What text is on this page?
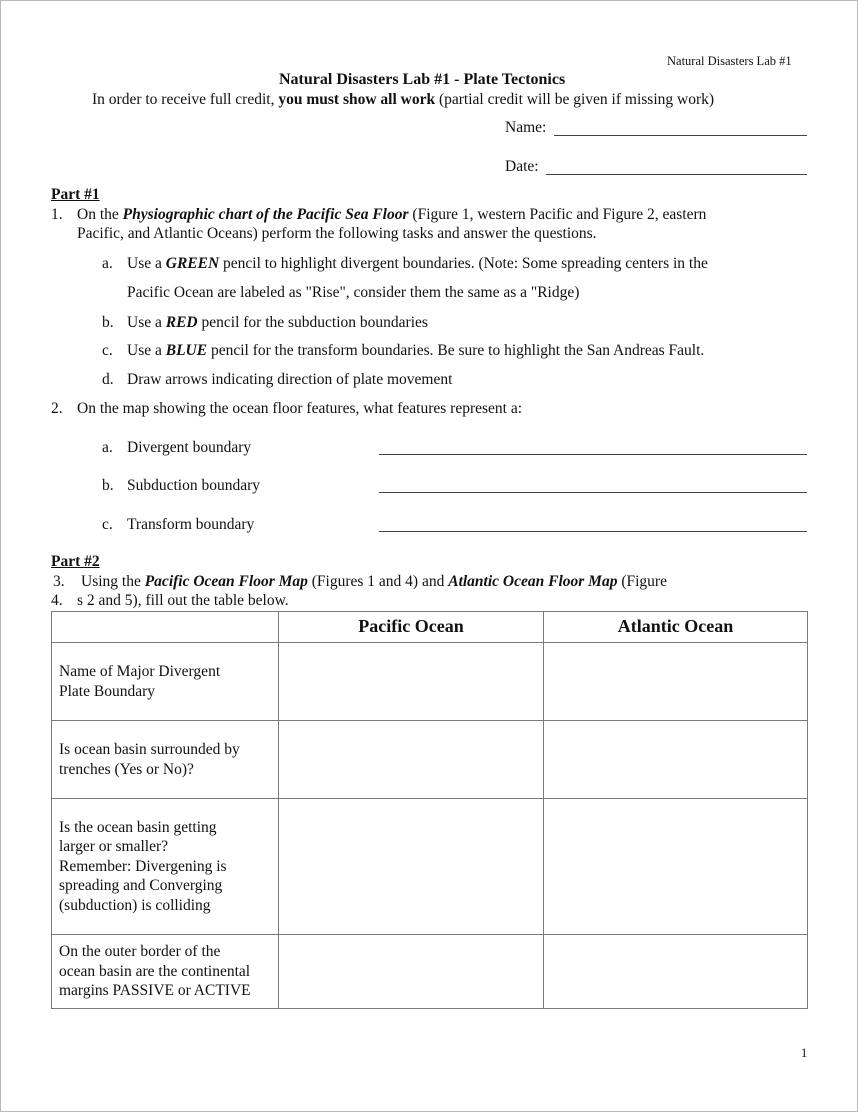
Natural Disasters Lab #1
Natural Disasters Lab #1 - Plate Tectonics
In order to receive full credit, you must show all work (partial credit will be given if missing work)
Name:
Date:
Part #1
1. On the Physiographic chart of the Pacific Sea Floor (Figure 1, western Pacific and Figure 2, eastern
Pacific, and Atlantic Oceans) perform the following tasks and answer the questions.
a. Use a GREEN pencil to highlight divergent boundaries. (Note: Some spreading centers in the
Pacific Ocean are labeled as "Rise", consider them the same as a "Ridge)
b. Use a RED pencil for the subduction boundaries
c. Use a BLUE pencil for the transform boundaries. Be sure to highlight the San Andreas Fault.
d. Draw arrows indicating direction of plate movement
2. On the map showing the ocean floor features, what features represent a:
a. Divergent boundary
b. Subduction boundary
c. Transform boundary
Part #2
3. Using the Pacific Ocean Floor Map (Figures 1 and 4) and Atlantic Ocean Floor Map (Figure
4. s 2 and 5), fill out the table below.
	Pacific Ocean	Atlantic Ocean

Name of Major Divergent
Plate Boundary		

Is ocean basin surrounded by
trenches (Yes or No)?		

Is the ocean basin getting
larger or smaller?
Remember: Divergening is
spreading and Converging
(subduction) is colliding		

On the outer border of the
ocean basin are the continental
margins PASSIVE or ACTIVE		

1
